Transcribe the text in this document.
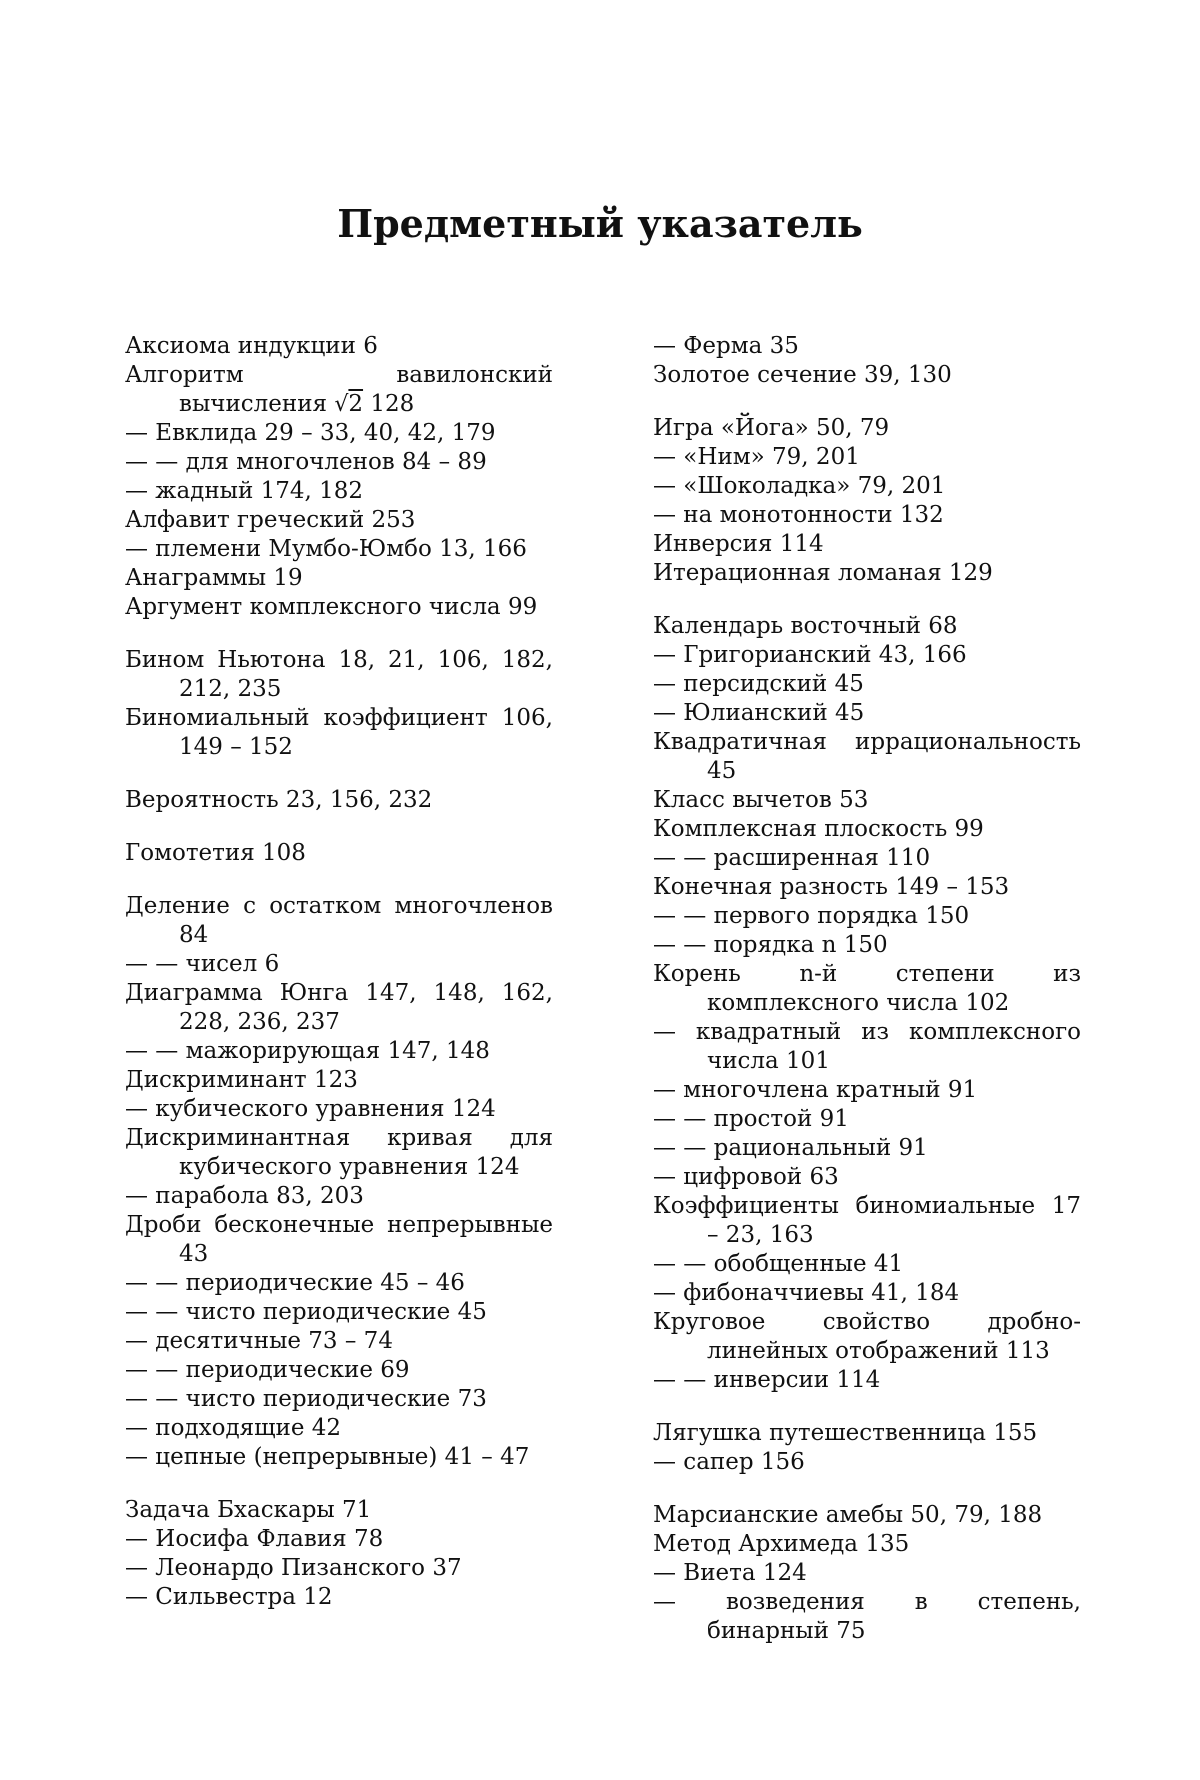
Предметный указатель
Аксиома индукции 6
Алгоритм вавилонский вычисления √2 128
— Евклида 29 – 33, 40, 42, 179
— — для многочленов 84 – 89
— жадный 174, 182
Алфавит греческий 253
— племени Мумбо-Юмбо 13, 166
Анаграммы 19
Аргумент комплексного числа 99
Бином Ньютона 18, 21, 106, 182, 212, 235
Биномиальный коэффициент 106, 149 – 152
Вероятность 23, 156, 232
Гомотетия 108
Деление с остатком многочленов 84
— — чисел 6
Диаграмма Юнга 147, 148, 162, 228, 236, 237
— — мажорирующая 147, 148
Дискриминант 123
— кубического уравнения 124
Дискриминантная кривая для кубического уравнения 124
— парабола 83, 203
Дроби бесконечные непрерывные 43
— — периодические 45 – 46
— — чисто периодические 45
— десятичные 73 – 74
— — периодические 69
— — чисто периодические 73
— подходящие 42
— цепные (непрерывные) 41 – 47
Задача Бхаскары 71
— Иосифа Флавия 78
— Леонардо Пизанского 37
— Сильвестра 12
— Ферма 35
Золотое сечение 39, 130
Игра «Йога» 50, 79
— «Ним» 79, 201
— «Шоколадка» 79, 201
— на монотонности 132
Инверсия 114
Итерационная ломаная 129
Календарь восточный 68
— Григорианский 43, 166
— персидский 45
— Юлианский 45
Квадратичная иррациональность 45
Класс вычетов 53
Комплексная плоскость 99
— — расширенная 110
Конечная разность 149 – 153
— — первого порядка 150
— — порядка n 150
Корень n-й степени из комплексного числа 102
— квадратный из комплексного числа 101
— многочлена кратный 91
— — простой 91
— — рациональный 91
— цифровой 63
Коэффициенты биномиальные 17 – 23, 163
— — обобщенные 41
— фибоначчиевы 41, 184
Круговое свойство дробно-линейных отображений 113
— — инверсии 114
Лягушка путешественница 155
— сапер 156
Марсианские амебы 50, 79, 188
Метод Архимеда 135
— Виета 124
— возведения в степень, бинарный 75
